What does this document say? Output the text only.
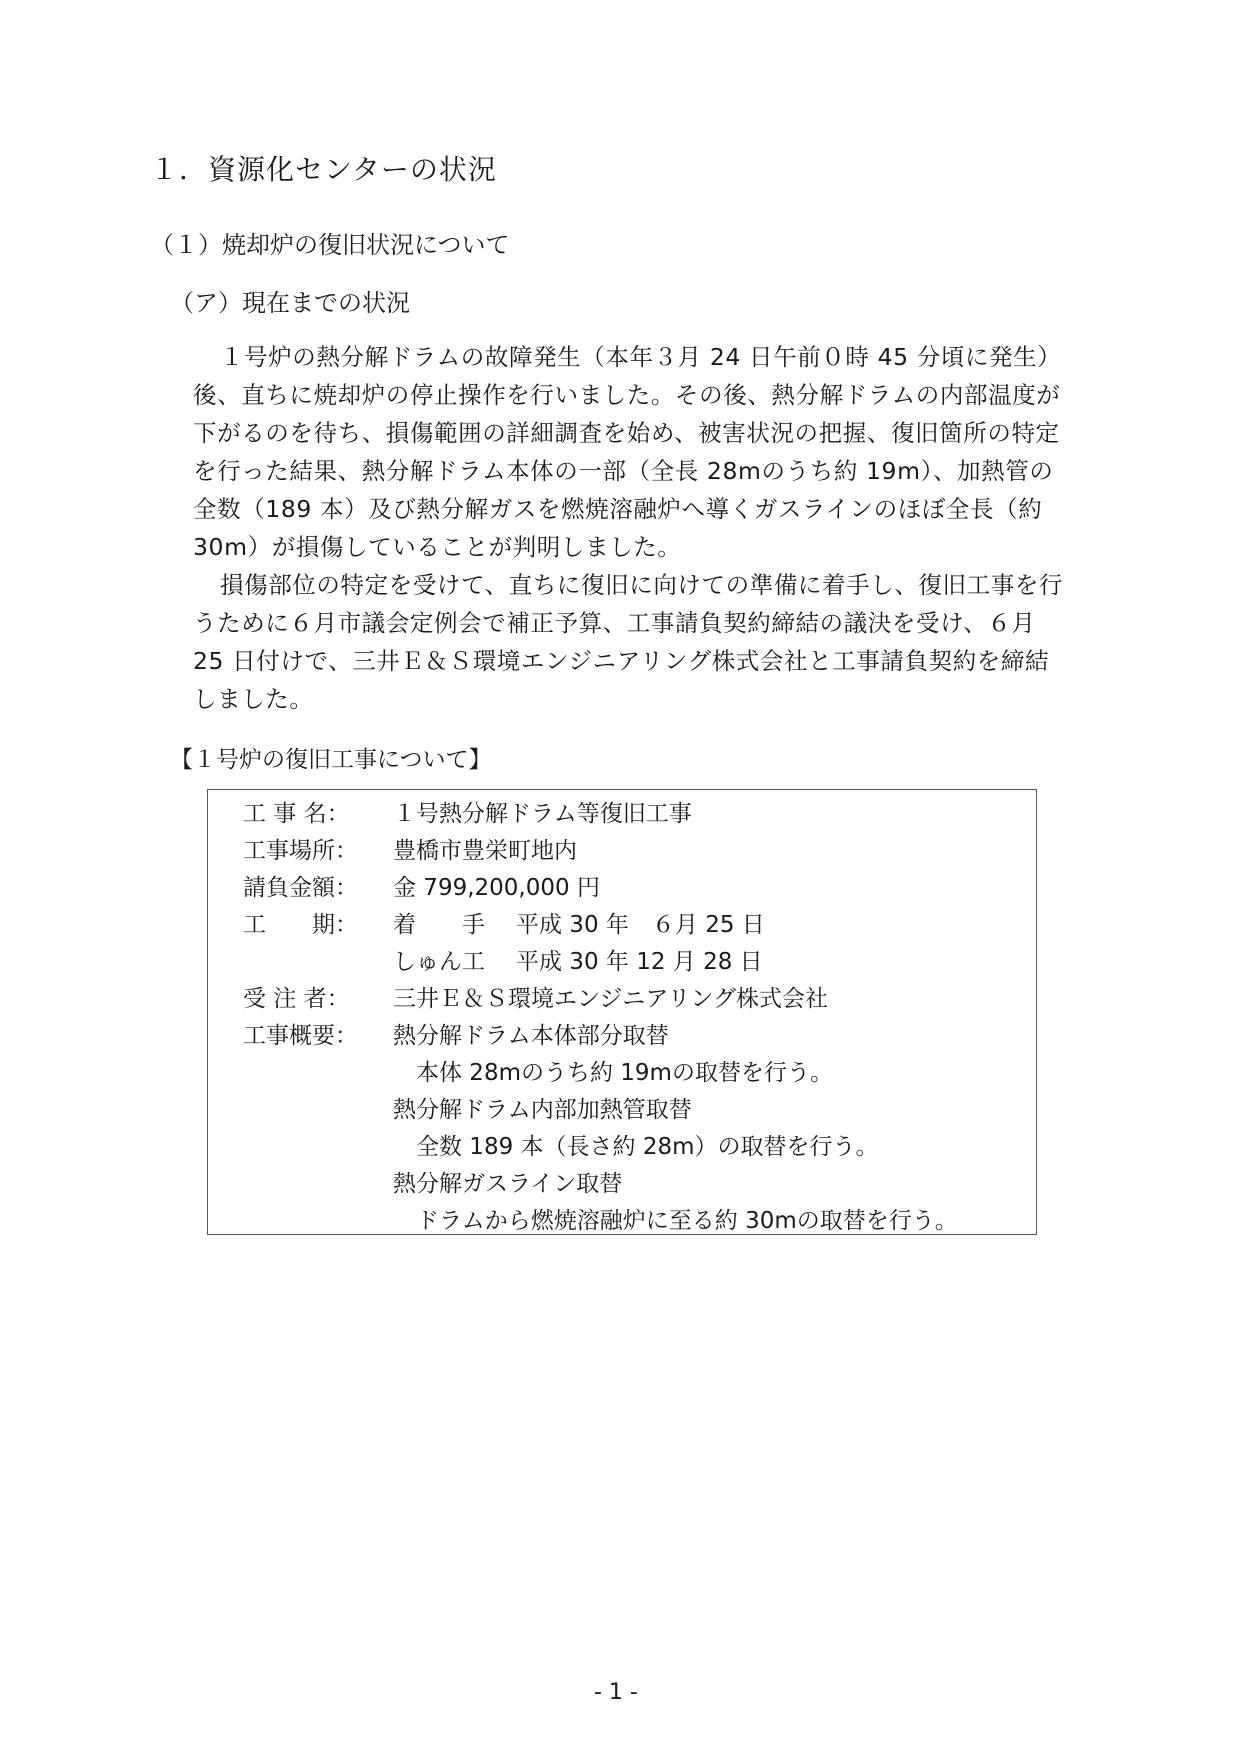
１．資源化センターの状況
（１）焼却炉の復旧状況について
（ア）現在までの状況
１号炉の熱分解ドラムの故障発生（本年３月 24 日午前０時 45 分頃に発生）
後、直ちに焼却炉の停止操作を行いました。その後、熱分解ドラムの内部温度が
下がるのを待ち、損傷範囲の詳細調査を始め、被害状況の把握、復旧箇所の特定
を行った結果、熱分解ドラム本体の一部（全長 28mのうち約 19m）、加熱管の
全数（189 本）及び熱分解ガスを燃焼溶融炉へ導くガスラインのほぼ全長（約
30m）が損傷していることが判明しました。
損傷部位の特定を受けて、直ちに復旧に向けての準備に着手し、復旧工事を行
うために６月市議会定例会で補正予算、工事請負契約締結の議決を受け、６月
25 日付けで、三井Ｅ＆Ｓ環境エンジニアリング株式会社と工事請負契約を締結
しました。
【１号炉の復旧工事について】
工 事 名： １号熱分解ドラム等復旧工事
工事場所： 豊橋市豊栄町地内
請負金額： 金 799,200,000 円
工　　期： 着　　手 平成 30 年　６月 25 日
しゅん工 平成 30 年 12 月 28 日
受 注 者： 三井Ｅ＆Ｓ環境エンジニアリング株式会社
工事概要： 熱分解ドラム本体部分取替
本体 28mのうち約 19mの取替を行う。
熱分解ドラム内部加熱管取替
全数 189 本（長さ約 28m）の取替を行う。
熱分解ガスライン取替
ドラムから燃焼溶融炉に至る約 30mの取替を行う。
- 1 -
